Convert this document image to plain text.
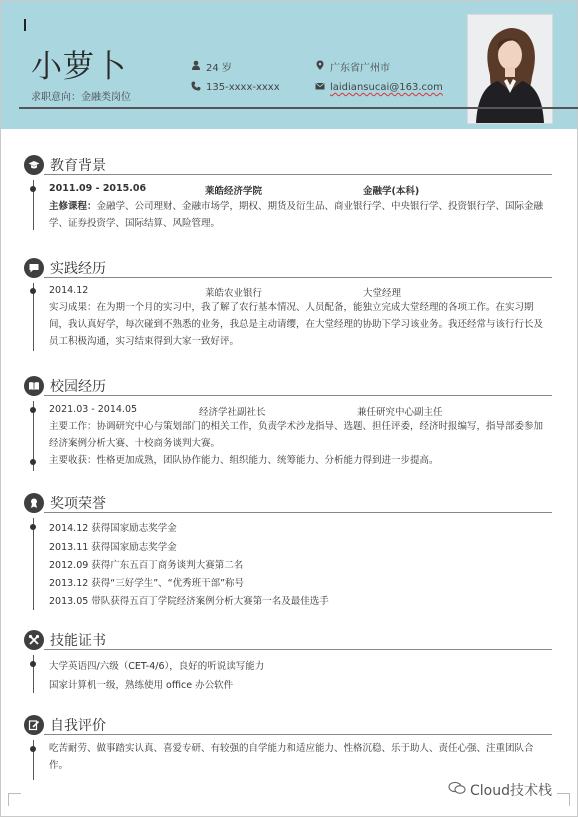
小萝卜
求职意向：金融类岗位
24 岁	广东省广州市
135-xxxx-xxxx	laidiansucai@163.com
教育背景
2011.09 - 2015.06	莱皓经济学院	金融学(本科)
主修课程：金融学、公司理财、金融市场学，期权、期货及衍生品、商业银行学、中央银行学、投资银行学、国际金融学、证券投资学、国际结算、风险管理。
实践经历
2014.12	莱皓农业银行	大堂经理
实习成果：在为期一个月的实习中，我了解了农行基本情况、人员配备，能独立完成大堂经理的各项工作。在实习期间，我认真好学，每次碰到不熟悉的业务，我总是主动请缨，在大堂经理的协助下学习该业务。我还经常与该行行长及员工积极沟通，实习结束得到大家一致好评。
校园经历
2021.03 - 2014.05	经济学社副社长	兼任研究中心副主任
主要工作：协调研究中心与策划部门的相关工作，负责学术沙龙指导、选题、担任评委，经济时报编写，指导部委参加经济案例分析大赛、十校商务谈判大赛。
主要收获：性格更加成熟，团队协作能力、组织能力、统筹能力、分析能力得到进一步提高。
奖项荣誉
2014.12 获得国家励志奖学金
2013.11 获得国家励志奖学金
2012.09 获得广东五百丁商务谈判大赛第二名
2013.12 获得“三好学生”、“优秀班干部”称号
2013.05 带队获得五百丁学院经济案例分析大赛第一名及最佳选手
技能证书
大学英语四/六级（CET-4/6），良好的听说读写能力
国家计算机一级，熟练使用 office 办公软件
自我评价
吃苦耐劳、做事踏实认真、喜爱专研、有较强的自学能力和适应能力、性格沉稳、乐于助人、责任心强、注重团队合作。
Cloud技术栈
